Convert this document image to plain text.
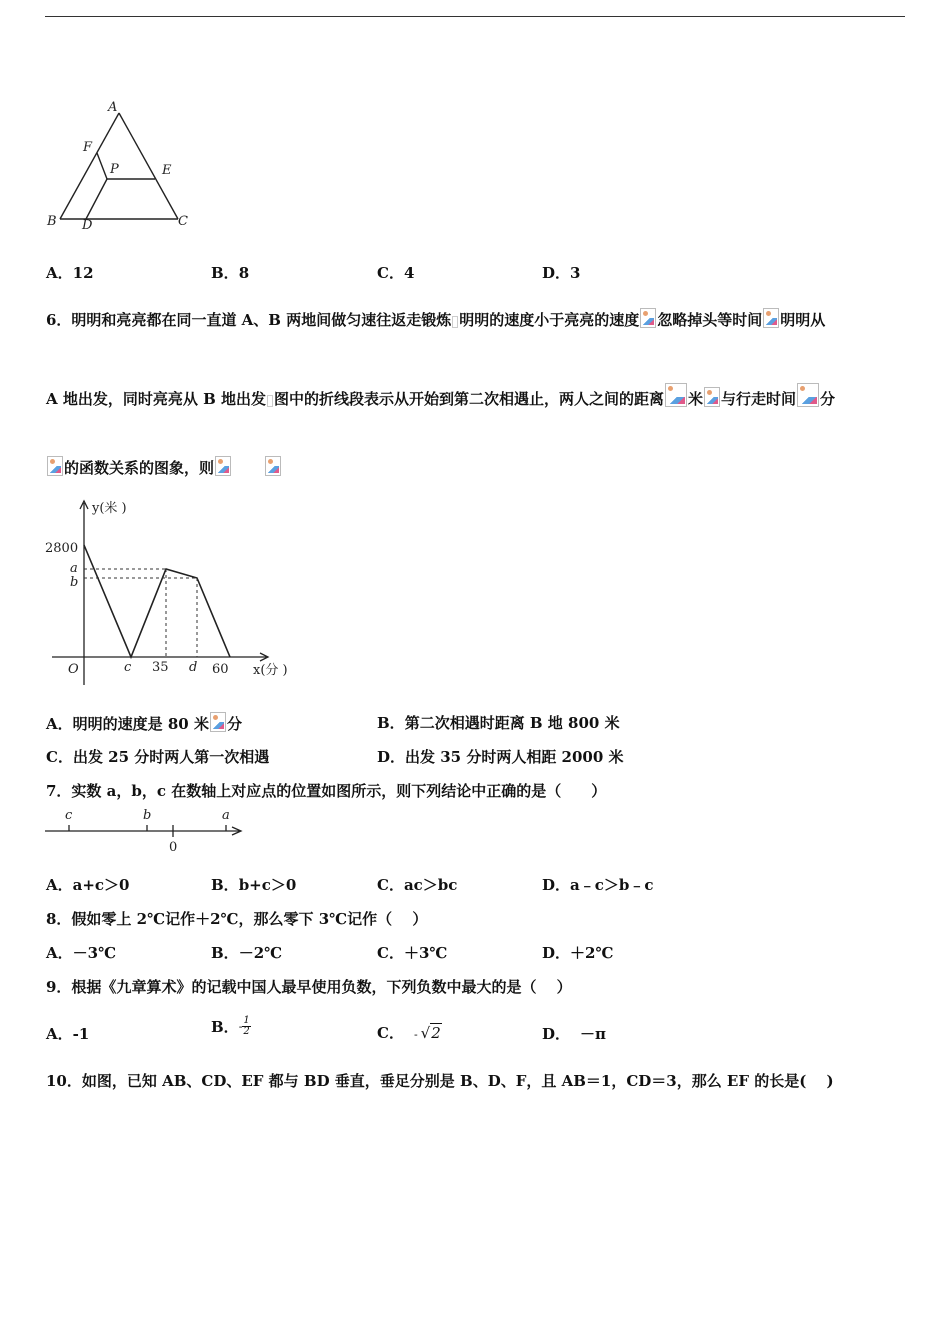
A
F
P	E
B D	C
A．12	B．8	C．4	D．3
6．明明和亮亮都在同一直道 A、B 两地间做匀速往返走锻炼 明明的速度小于亮亮的速度 忽略掉头等时间 明明从
A 地出发，同时亮亮从 B 地出发 图中的折线段表示从开始到第二次相遇止，两人之间的距离 米 与行走时间 分
的函数关系的图象，则
y(米 )
2800
a
b
O	c 35 d 60 x(分 )
A．明明的速度是 80 米 分	B．第二次相遇时距离 B 地 800 米
C．出发 25 分时两人第一次相遇	D．出发 35 分时两人相距 2000 米
7．实数 a，b，c 在数轴上对应点的位置如图所示，则下列结论中正确的是（　　）
c	b
0
a
A．a+c＞0	B．b+c＞0	C．ac＞bc	D．a﹣c＞b﹣c
8．假如零上 2℃记作＋2℃，那么零下 3℃记作（　 ）
A．－3℃	B．－2℃	C．＋3℃	D．＋2℃
9．根据《九章算术》的记载中国人最早使用负数，下列负数中最大的是（　 ）
A．-1	B．- $\frac{1}{2}$	C． - √2	D． －π
10．如图，已知 AB、CD、EF 都与 BD 垂直，垂足分别是 B、D、F，且 AB＝1，CD＝3，那么 EF 的长是(　 )
